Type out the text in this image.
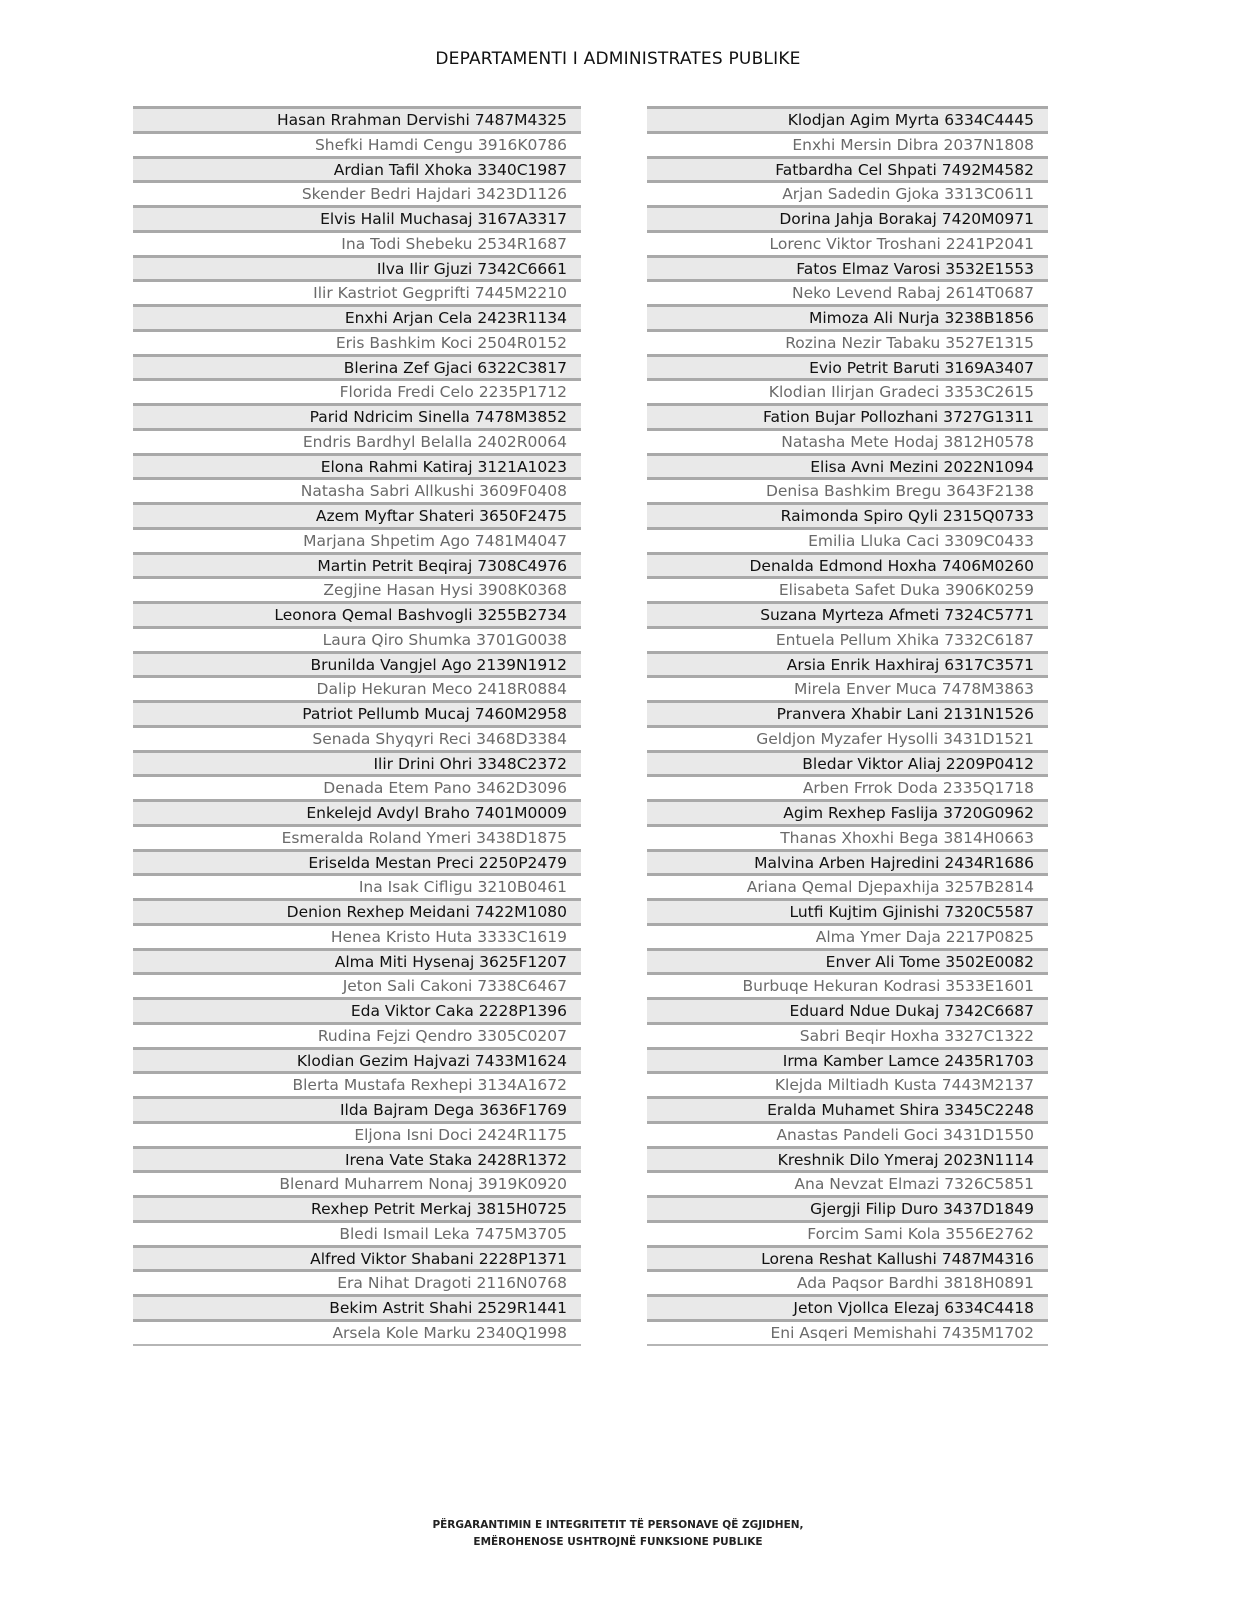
DEPARTAMENTI I ADMINISTRATES PUBLIKE
Hasan Rrahman Dervishi 7487M4325
Shefki Hamdi Cengu 3916K0786
Ardian Tafil Xhoka 3340C1987
Skender Bedri Hajdari 3423D1126
Elvis Halil Muchasaj 3167A3317
Ina Todi Shebeku 2534R1687
Ilva Ilir Gjuzi 7342C6661
Ilir Kastriot Gegprifti 7445M2210
Enxhi Arjan Cela 2423R1134
Eris Bashkim Koci 2504R0152
Blerina Zef Gjaci 6322C3817
Florida Fredi Celo 2235P1712
Parid Ndricim Sinella 7478M3852
Endris Bardhyl Belalla 2402R0064
Elona Rahmi Katiraj 3121A1023
Natasha Sabri Allkushi 3609F0408
Azem Myftar Shateri 3650F2475
Marjana Shpetim Ago 7481M4047
Martin Petrit Beqiraj 7308C4976
Zegjine Hasan Hysi 3908K0368
Leonora Qemal Bashvogli 3255B2734
Laura Qiro Shumka 3701G0038
Brunilda Vangjel Ago 2139N1912
Dalip Hekuran Meco 2418R0884
Patriot Pellumb Mucaj 7460M2958
Senada Shyqyri Reci 3468D3384
Ilir Drini Ohri 3348C2372
Denada Etem Pano 3462D3096
Enkelejd Avdyl Braho 7401M0009
Esmeralda Roland Ymeri 3438D1875
Eriselda Mestan Preci 2250P2479
Ina Isak Cifligu 3210B0461
Denion Rexhep Meidani 7422M1080
Henea Kristo Huta 3333C1619
Alma Miti Hysenaj 3625F1207
Jeton Sali Cakoni 7338C6467
Eda Viktor Caka 2228P1396
Rudina Fejzi Qendro 3305C0207
Klodian Gezim Hajvazi 7433M1624
Blerta Mustafa Rexhepi 3134A1672
Ilda Bajram Dega 3636F1769
Eljona Isni Doci 2424R1175
Irena Vate Staka 2428R1372
Blenard Muharrem Nonaj 3919K0920
Rexhep Petrit Merkaj 3815H0725
Bledi Ismail Leka 7475M3705
Alfred Viktor Shabani 2228P1371
Era Nihat Dragoti 2116N0768
Bekim Astrit Shahi 2529R1441
Arsela Kole Marku 2340Q1998
Klodjan Agim Myrta 6334C4445
Enxhi Mersin Dibra 2037N1808
Fatbardha Cel Shpati 7492M4582
Arjan Sadedin Gjoka 3313C0611
Dorina Jahja Borakaj 7420M0971
Lorenc Viktor Troshani 2241P2041
Fatos Elmaz Varosi 3532E1553
Neko Levend Rabaj 2614T0687
Mimoza Ali Nurja 3238B1856
Rozina Nezir Tabaku 3527E1315
Evio Petrit Baruti 3169A3407
Klodian Ilirjan Gradeci 3353C2615
Fation Bujar Pollozhani 3727G1311
Natasha Mete Hodaj 3812H0578
Elisa Avni Mezini 2022N1094
Denisa Bashkim Bregu 3643F2138
Raimonda Spiro Qyli 2315Q0733
Emilia Lluka Caci 3309C0433
Denalda Edmond Hoxha 7406M0260
Elisabeta Safet Duka 3906K0259
Suzana Myrteza Afmeti 7324C5771
Entuela Pellum Xhika 7332C6187
Arsia Enrik Haxhiraj 6317C3571
Mirela Enver Muca 7478M3863
Pranvera Xhabir Lani 2131N1526
Geldjon Myzafer Hysolli 3431D1521
Bledar Viktor Aliaj 2209P0412
Arben Frrok Doda 2335Q1718
Agim Rexhep Faslija 3720G0962
Thanas Xhoxhi Bega 3814H0663
Malvina Arben Hajredini 2434R1686
Ariana Qemal Djepaxhija 3257B2814
Lutfi Kujtim Gjinishi 7320C5587
Alma Ymer Daja 2217P0825
Enver Ali Tome 3502E0082
Burbuqe Hekuran Kodrasi 3533E1601
Eduard Ndue Dukaj 7342C6687
Sabri Beqir Hoxha 3327C1322
Irma Kamber Lamce 2435R1703
Klejda Miltiadh Kusta 7443M2137
Eralda Muhamet Shira 3345C2248
Anastas Pandeli Goci 3431D1550
Kreshnik Dilo Ymeraj 2023N1114
Ana Nevzat Elmazi 7326C5851
Gjergji Filip Duro 3437D1849
Forcim Sami Kola 3556E2762
Lorena Reshat Kallushi 7487M4316
Ada Paqsor Bardhi 3818H0891
Jeton Vjollca Elezaj 6334C4418
Eni Asqeri Memishahi 7435M1702
PËRGARANTIMIN E INTEGRITETIT TË PERSONAVE QË ZGJIDHEN,
EMËROHENOSE USHTROJNË FUNKSIONE PUBLIKE
